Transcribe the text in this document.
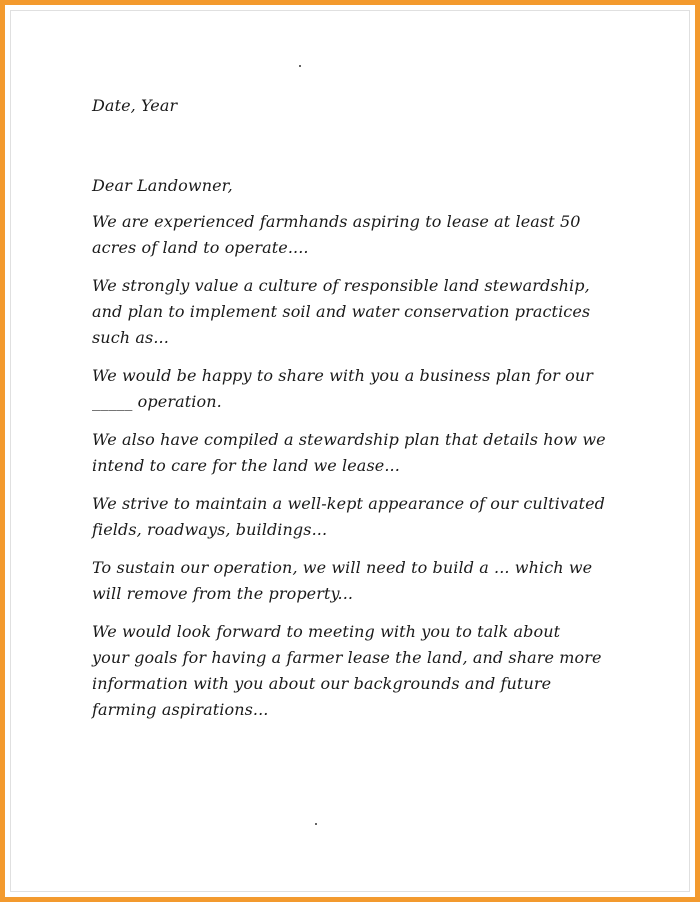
Date, Year

Dear Landowner,

We are experienced farmhands aspiring to lease at least 50
acres of land to operate....

We strongly value a culture of responsible land stewardship,
and plan to implement soil and water conservation practices
such as...

We would be happy to share with you a business plan for our
_____ operation.

We also have compiled a stewardship plan that details how we
intend to care for the land we lease...

We strive to maintain a well-kept appearance of our cultivated
fields, roadways, buildings...

To sustain our operation, we will need to build a ... which we
will remove from the property...

We would look forward to meeting with you to talk about
your goals for having a farmer lease the land, and share more
information with you about our backgrounds and future
farming aspirations...
